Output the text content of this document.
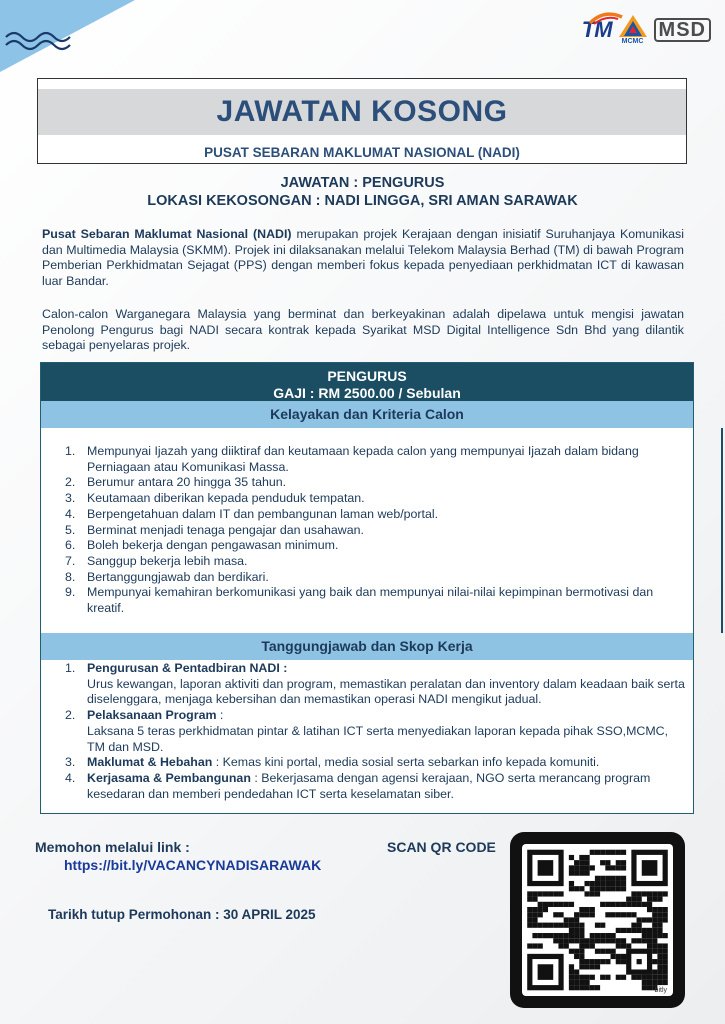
TM MCMC
MSD
JAWATAN KOSONG
PUSAT SEBARAN MAKLUMAT NASIONAL (NADI)
JAWATAN : PENGURUS
LOKASI KEKOSONGAN : NADI LINGGA, SRI AMAN SARAWAK
Pusat Sebaran Maklumat Nasional (NADI) merupakan projek Kerajaan dengan inisiatif Suruhanjaya Komunikasi dan Multimedia Malaysia (SKMM). Projek ini dilaksanakan melalui Telekom Malaysia Berhad (TM) di bawah Program Pemberian Perkhidmatan Sejagat (PPS) dengan memberi fokus kepada penyediaan perkhidmatan ICT di kawasan luar Bandar.
Calon-calon Warganegara Malaysia yang berminat dan berkeyakinan adalah dipelawa untuk mengisi jawatan Penolong Pengurus bagi NADI secara kontrak kepada Syarikat MSD Digital Intelligence Sdn Bhd yang dilantik sebagai penyelaras projek.
PENGURUS
GAJI : RM 2500.00 / Sebulan
Kelayakan dan Kriteria Calon
1. Mempunyai Ijazah yang diiktiraf dan keutamaan kepada calon yang mempunyai Ijazah dalam bidang Perniagaan atau Komunikasi Massa.
2. Berumur antara 20 hingga 35 tahun.
3. Keutamaan diberikan kepada penduduk tempatan.
4. Berpengetahuan dalam IT dan pembangunan laman web/portal.
5. Berminat menjadi tenaga pengajar dan usahawan.
6. Boleh bekerja dengan pengawasan minimum.
7. Sanggup bekerja lebih masa.
8. Bertanggungjawab dan berdikari.
9. Mempunyai kemahiran berkomunikasi yang baik dan mempunyai nilai-nilai kepimpinan bermotivasi dan kreatif.
Tanggungjawab dan Skop Kerja
1. Pengurusan & Pentadbiran NADI :
Urus kewangan, laporan aktiviti dan program, memastikan peralatan dan inventory dalam keadaan baik serta diselenggara, menjaga kebersihan dan memastikan operasi NADI mengikut jadual.
2. Pelaksanaan Program :
Laksana 5 teras perkhidmatan pintar & latihan ICT serta menyediakan laporan kepada pihak SSO,MCMC, TM dan MSD.
3. Maklumat & Hebahan : Kemas kini portal, media sosial serta sebarkan info kepada komuniti.
4. Kerjasama & Pembangunan : Bekerjasama dengan agensi kerajaan, NGO serta merancang program kesedaran dan memberi pendedahan ICT serta keselamatan siber.
Memohon melalui link :
https://bit.ly/VACANCYNADISARAWAK
Tarikh tutup Permohonan : 30 APRIL 2025
SCAN QR CODE
bitly
